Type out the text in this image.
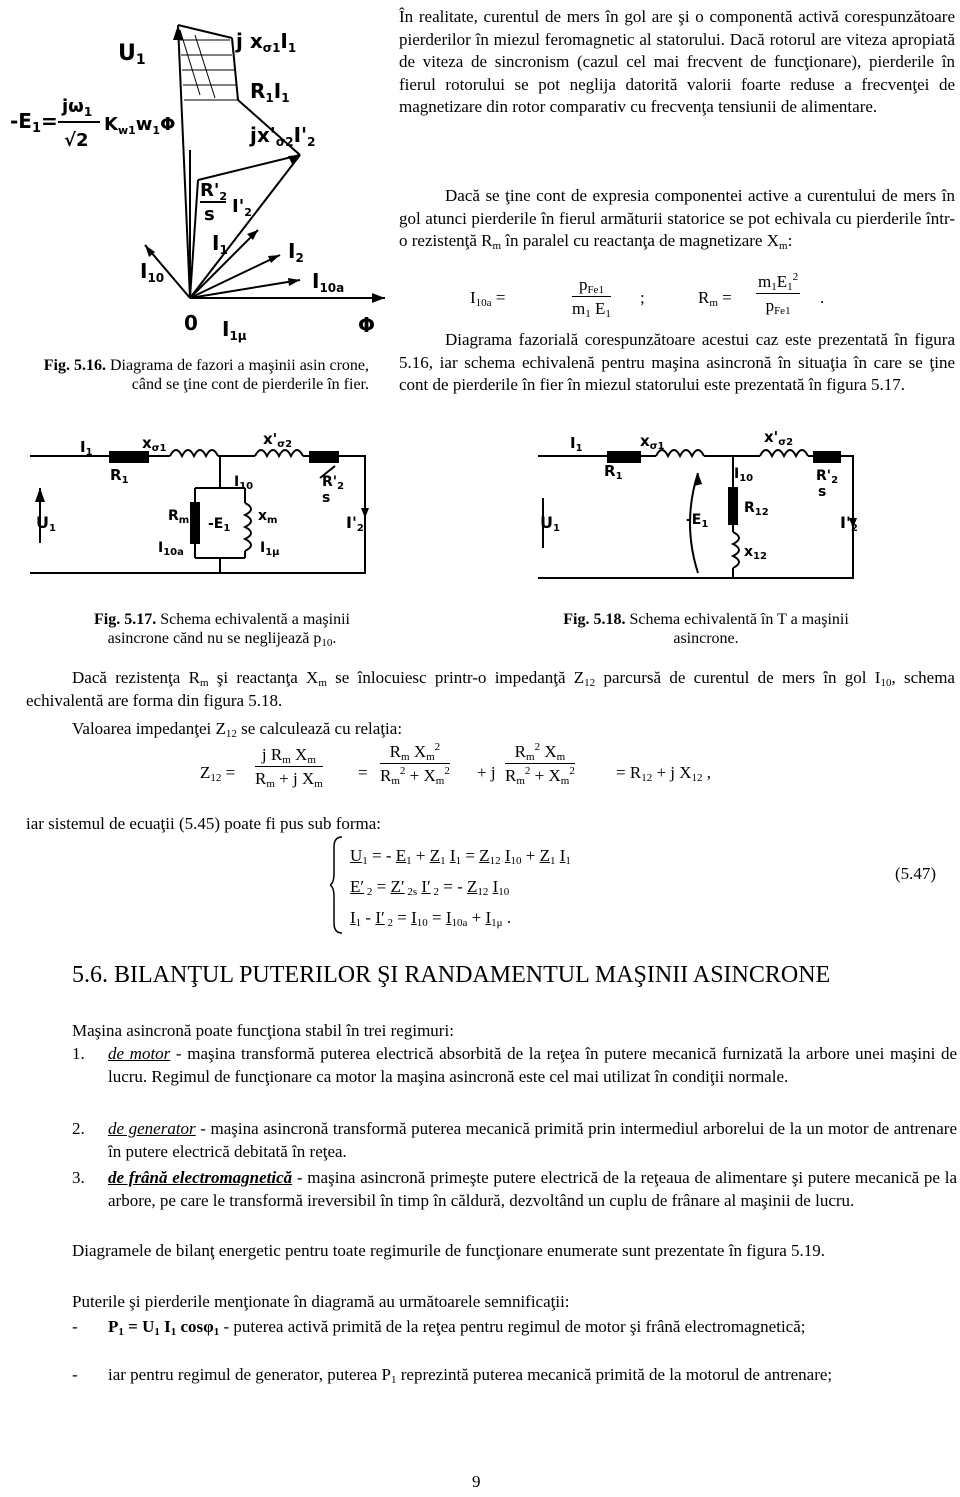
U1
$-E_1=$
$j\omega_1$
√2
$K_{w1}w_1\Phi$
j $x_{\sigma 1}I_1$
$R_1I_1$
$jx'_{\sigma 2}I'_2$
$R'_2$
s $I'_2$
$I_1$	$I_2$
$I_{10}$	$I_{10a}$
0 $I_{1\mu}$	Φ
Fig. 5.16. Diagrama de fazori a maşinii asin crone, când se ţine cont de pierderile în fier.
În realitate, curentul de mers în gol are şi o componentă activă corespunzătoare pierderilor în miezul feromagnetic al statorului. Dacă rotorul are viteza apropiată de viteza de sincronism (cazul cel mai frecvent de funcţionare), pierderile în fierul rotorului se pot neglija datorită valorii foarte reduse a frecvenţei de magnetizare din rotor comparativ cu frecvenţa tensiunii de alimentare.
Dacă se ţine cont de expresia componentei active a curentului de mers în gol atunci pierderile în fierul armăturii statorice se pot echivala cu pierderile într-o rezistenţă $R_m$ în paralel cu reactanţa de magnetizare $X_m$:
$I_{10a}$ =
$p_{Fe1}$
$m_1$ $E_1$
;	$R_m$ =
$m_1E_1^2$
$p_{Fe1}$
.
Diagrama fazorială corespunzătoare acestui caz este prezentată în figura 5.16, iar schema echivalenă pentru maşina asincronă în situaţia în care se ţine cont de pierderile în fier în miezul statorului este prezentată în figura 5.17.
$I_1$
$x_{\sigma 1}$
$R_1$
$x'_{\sigma 2}$
$I_{10}$	$R'_2$
s
U1
$R_m$ $-E_1$
$x_m$
$I_{10a}$	$I_{1\mu}$
I'2
$I_1$	$x_{\sigma 1}$
$R_1$
$x'_{\sigma 2}$
$I_{10}$	$R'_2$
s
U1
$-E_1$
$R_{12}$
$x_{12}$
I'2
Fig. 5.17. Schema echivalentă a maşinii asincrone cănd nu se neglijează $p_{10}$.
Fig. 5.18. Schema echivalentă în T a maşinii asincrone.
Dacă rezistenţa $R_m$ şi reactanţa $X_m$ se înlocuiesc printr-o impedanţă $Z_{12}$ parcursă de curentul de mers în gol $I_{10}$, schema echivalentă are forma din figura 5.18.
Valoarea impedanţei $Z_{12}$ se calculează cu relaţia:
$Z_{12} = \frac{j R_m X_m}{R_m + j X_m} = \frac{R_m X_m^2}{R_m^2 + X_m^2} + j \frac{R_m^2 X_m}{R_m^2 + X_m^2} = R_{12} + j$ $X_{12}$ ,
iar sistemul de ecuaţii (5.45) poate fi pus sub forma:
$U_1$ = - $E_1 + Z_1$ $I_1 = Z_{12}$ $I_{10} + Z_1$ $I_1$
E′ $_2$ = Z′ $_{2s}$ I′ $_2$ = - $Z_{12}$ $I_{10}$
$I_1 - I'$ $_2 = I_{10} = I_{10a} + I_{1\mu}$ .
(5.47)
5.6. BILANŢUL PUTERILOR ŞI RANDAMENTUL MAŞINII ASINCRONE
Maşina asincronă poate funcţiona stabil în trei regimuri:
1. de motor - maşina transformă puterea electrică absorbită de la reţea în putere mecanică furnizată la arbore unei maşini de lucru. Regimul de funcţionare ca motor la maşina asincronă este cel mai utilizat în condiţii normale.
2. de generator - maşina asincronă transformă puterea mecanică primită prin intermediul arborelui de la un motor de antrenare în putere electrică debitată în reţea.
3. de frână electromagnetică - maşina asincronă primeşte putere electrică de la reţeaua de alimentare şi putere mecanică pe la arbore, pe care le transformă ireversibil în timp în căldură, dezvoltând un cuplu de frânare al maşinii de lucru.
Diagramele de bilanţ energetic pentru toate regimurile de funcţionare enumerate sunt prezentate în figura 5.19.
Puterile şi pierderile menţionate în diagramă au următoarele semnificaţii:
- $P_1 = U_1$ $I_1$ cosφ$_1$ - puterea activă primită de la reţea pentru regimul de motor şi frână electromagnetică;
- iar pentru regimul de generator, puterea $P_1$ reprezintă puterea mecanică primită de la motorul de antrenare;
9
